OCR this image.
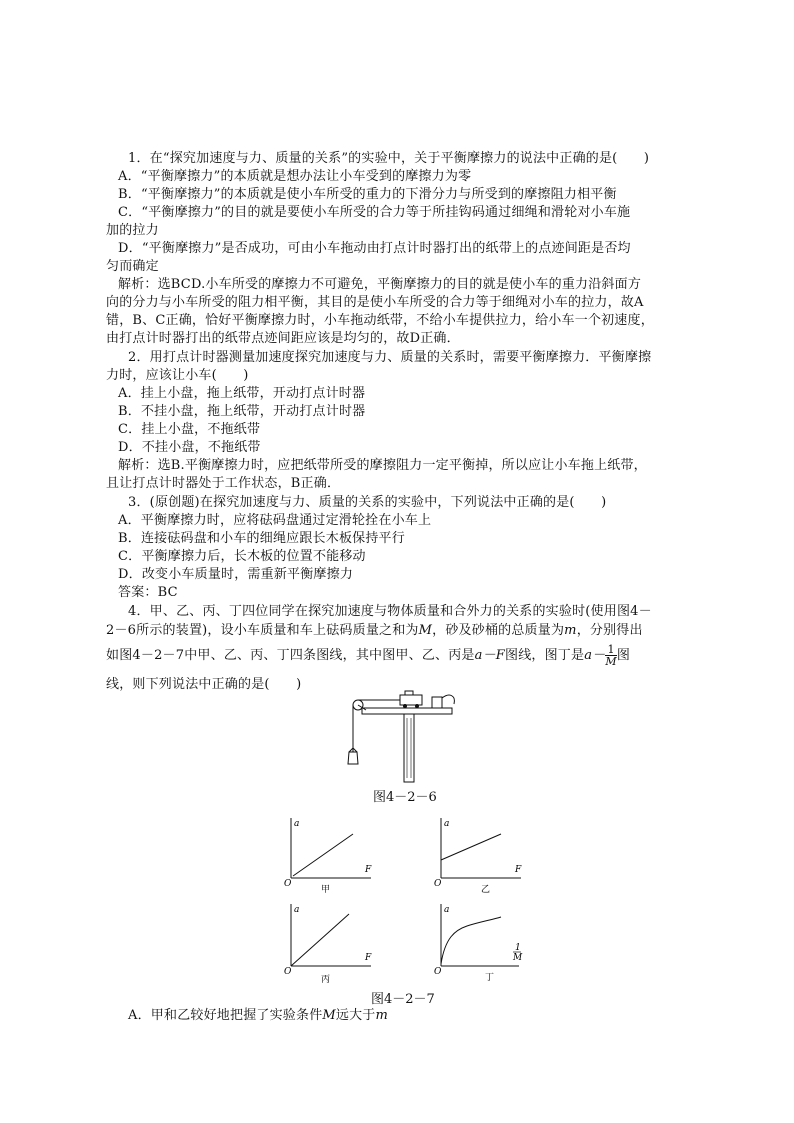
1．在“探究加速度与力、质量的关系”的实验中，关于平衡摩擦力的说法中正确的是(　　)
A．“平衡摩擦力”的本质就是想办法让小车受到的摩擦力为零
B．“平衡摩擦力”的本质就是使小车所受的重力的下滑分力与所受到的摩擦阻力相平衡
C．“平衡摩擦力”的目的就是要使小车所受的合力等于所挂钩码通过细绳和滑轮对小车施
加的拉力
D．“平衡摩擦力”是否成功，可由小车拖动由打点计时器打出的纸带上的点迹间距是否均
匀而确定
解析：选BCD.小车所受的摩擦力不可避免，平衡摩擦力的目的就是使小车的重力沿斜面方
向的分力与小车所受的阻力相平衡，其目的是使小车所受的合力等于细绳对小车的拉力，故A
错，B、C正确，恰好平衡摩擦力时，小车拖动纸带，不给小车提供拉力，给小车一个初速度，
由打点计时器打出的纸带点迹间距应该是均匀的，故D正确．
2．用打点计时器测量加速度探究加速度与力、质量的关系时，需要平衡摩擦力．平衡摩擦
力时，应该让小车(　　)
A．挂上小盘，拖上纸带，开动打点计时器
B．不挂小盘，拖上纸带，开动打点计时器
C．挂上小盘，不拖纸带
D．不挂小盘，不拖纸带
解析：选B.平衡摩擦力时，应把纸带所受的摩擦阻力一定平衡掉，所以应让小车拖上纸带，
且让打点计时器处于工作状态，B正确．
3．(原创题)在探究加速度与力、质量的关系的实验中，下列说法中正确的是(　　)
A．平衡摩擦力时，应将砝码盘通过定滑轮拴在小车上
B．连接砝码盘和小车的细绳应跟长木板保持平行
C．平衡摩擦力后，长木板的位置不能移动
D．改变小车质量时，需重新平衡摩擦力
答案：BC
4．甲、乙、丙、丁四位同学在探究加速度与物体质量和合外力的关系的实验时(使用图4－
2－6所示的装置)，设小车质量和车上砝码质量之和为M，砂及砂桶的总质量为m，分别得出
如图4－2－7中甲、乙、丙、丁四条图线，其中图甲、乙、丙是a－F图线，图丁是$a- \frac{1}{M}$ 图
线，则下列说法中正确的是(　　)
图4－2－6
a
F
O
甲
a
F
O
乙
a
F
O
丙
a
1
M
O
丁
图4－2－7
A．甲和乙较好地把握了实验条件M远大于m
